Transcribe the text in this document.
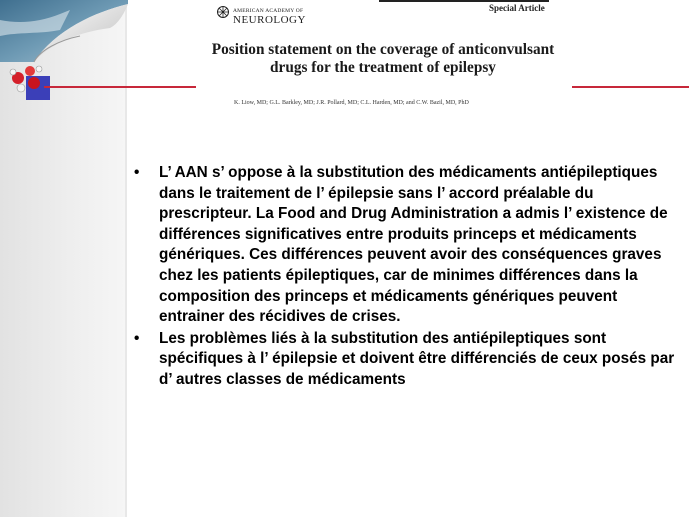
Special Article
AMERICAN ACADEMY OF
NEUROLOGY
Position statement on the coverage of anticonvulsant drugs for the treatment of epilepsy
K. Liow, MD; G.L. Barkley, MD; J.R. Pollard, MD; C.L. Harden, MD; and C.W. Bazil, MD, PhD
• L’ AAN s’ oppose à la substitution des médicaments antiépileptiques dans le traitement de l’ épilepsie sans l’ accord préalable du prescripteur. La Food and Drug Administration a admis l’ existence de différences significatives entre produits princeps et médicaments génériques. Ces différences peuvent avoir des conséquences graves chez les patients épileptiques, car de minimes différences dans la composition des princeps et médicaments génériques peuvent entrainer des récidives de crises.
• Les problèmes liés à la substitution des antiépileptiques sont spécifiques à l’ épilepsie et doivent être différenciés de ceux posés par d’ autres classes de médicaments
